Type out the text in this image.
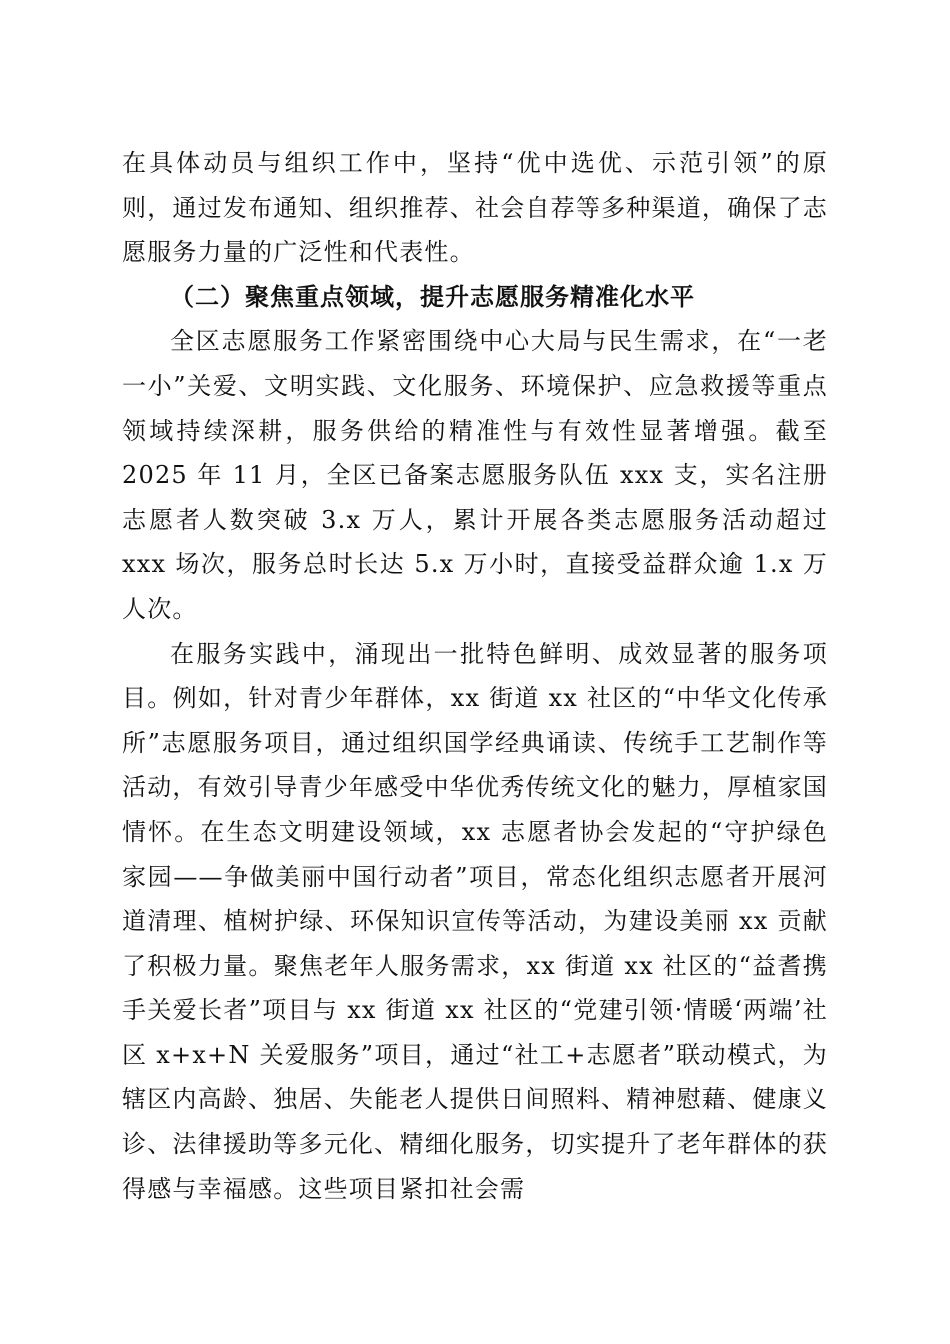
在具体动员与组织工作中，坚持“优中选优、示范引领”的原则，通过发布通知、组织推荐、社会自荐等多种渠道，确保了志愿服务力量的广泛性和代表性。

（二）聚焦重点领域，提升志愿服务精准化水平

全区志愿服务工作紧密围绕中心大局与民生需求，在“一老一小”关爱、文明实践、文化服务、环境保护、应急救援等重点领域持续深耕，服务供给的精准性与有效性显著增强。截至 2025 年 11 月，全区已备案志愿服务队伍 xxx 支，实名注册志愿者人数突破 3.x 万人，累计开展各类志愿服务活动超过 xxx 场次，服务总时长达 5.x 万小时，直接受益群众逾 1.x 万人次。

在服务实践中，涌现出一批特色鲜明、成效显著的服务项目。例如，针对青少年群体，xx 街道 xx 社区的“中华文化传承所”志愿服务项目，通过组织国学经典诵读、传统手工艺制作等活动，有效引导青少年感受中华优秀传统文化的魅力，厚植家国情怀。在生态文明建设领域，xx 志愿者协会发起的“守护绿色家园——争做美丽中国行动者”项目，常态化组织志愿者开展河道清理、植树护绿、环保知识宣传等活动，为建设美丽 xx 贡献了积极力量。聚焦老年人服务需求，xx 街道 xx 社区的“益耆携手关爱长者”项目与 xx 街道 xx 社区的“党建引领·情暖‘两端’社区 x+x+N 关爱服务”项目，通过“社工+志愿者”联动模式，为辖区内高龄、独居、失能老人提供日间照料、精神慰藉、健康义诊、法律援助等多元化、精细化服务，切实提升了老年群体的获得感与幸福感。这些项目紧扣社会需
